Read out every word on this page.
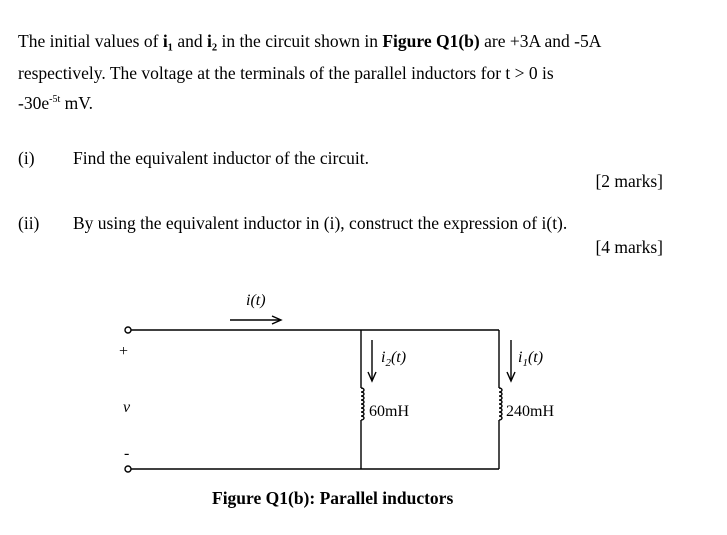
The initial values of i₁ and i₂ in the circuit shown in Figure Q1(b) are +3A and -5A
respectively. The voltage at the terminals of the parallel inductors for t > 0 is
$-30e^{-5t}$ mV.
(i) Find the equivalent inductor of the circuit.
[2 marks]
(ii) By using the equivalent inductor in (i), construct the expression of i(t).
[4 marks]
i(t)
+
v
-
$i_2(t)$
60mH
$i_1(t)$
240mH
Figure Q1(b): Parallel inductors
